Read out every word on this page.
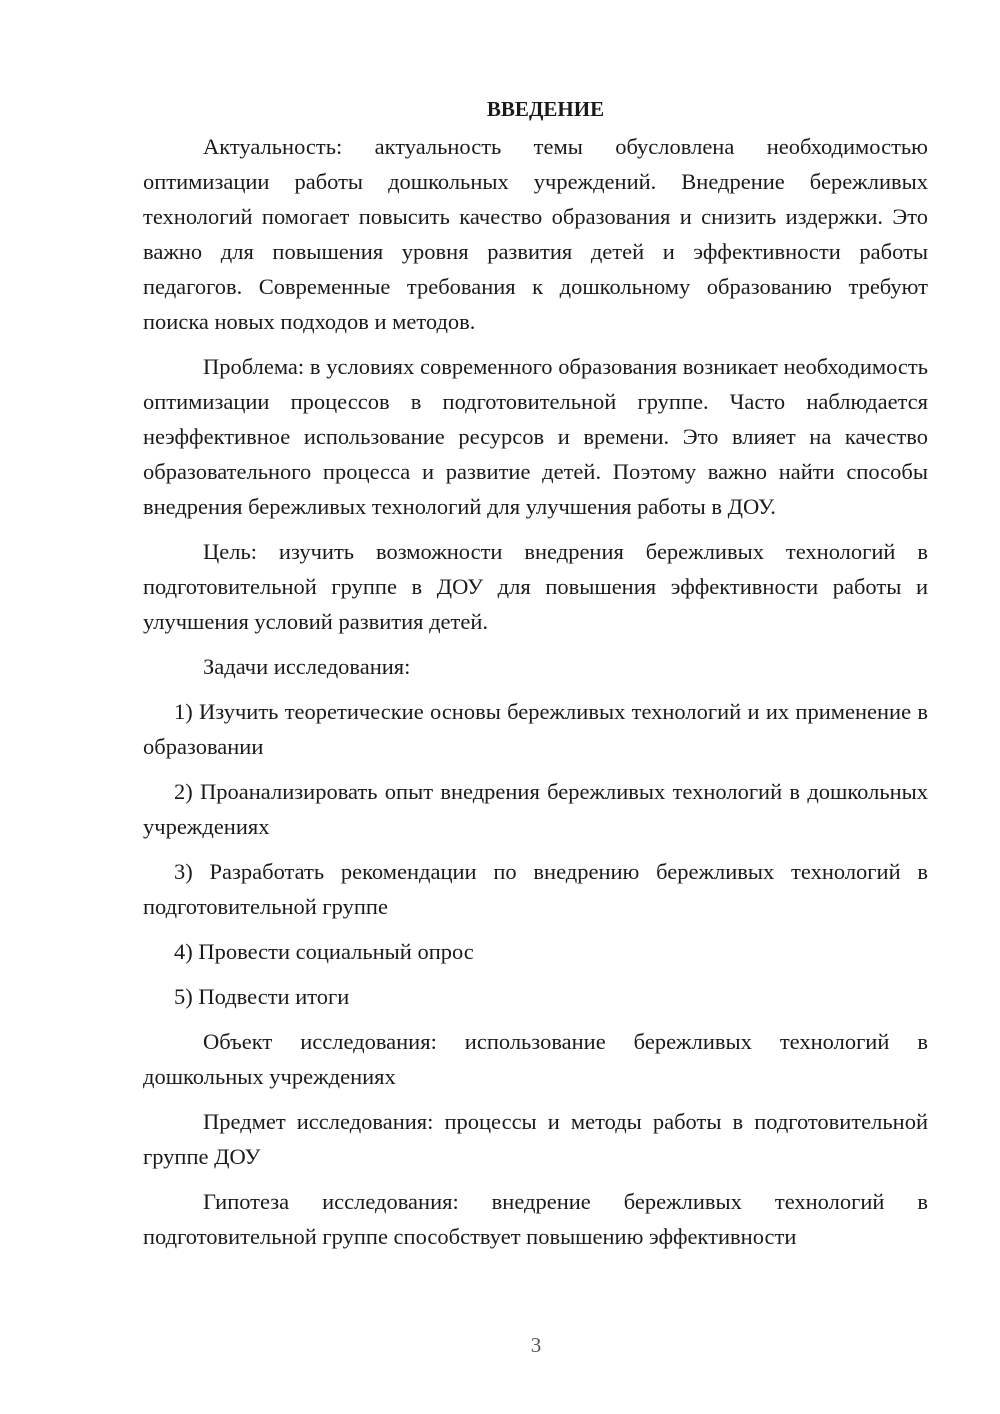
ВВЕДЕНИЕ

Актуальность: актуальность темы обусловлена необходимостью оптимизации работы дошкольных учреждений. Внедрение бережливых технологий помогает повысить качество образования и снизить издержки. Это важно для повышения уровня развития детей и эффективности работы педагогов. Современные требования к дошкольному образованию требуют поиска новых подходов и методов.

Проблема: в условиях современного образования возникает необходимость оптимизации процессов в подготовительной группе. Часто наблюдается неэффективное использование ресурсов и времени. Это влияет на качество образовательного процесса и развитие детей. Поэтому важно найти способы внедрения бережливых технологий для улучшения работы в ДОУ.

Цель: изучить возможности внедрения бережливых технологий в подготовительной группе в ДОУ для повышения эффективности работы и улучшения условий развития детей.

Задачи исследования:

1) Изучить теоретические основы бережливых технологий и их применение в образовании

2) Проанализировать опыт внедрения бережливых технологий в дошкольных учреждениях

3) Разработать рекомендации по внедрению бережливых технологий в подготовительной группе

4) Провести социальный опрос

5) Подвести итоги

Объект исследования: использование бережливых технологий в дошкольных учреждениях

Предмет исследования: процессы и методы работы в подготовительной группе ДОУ

Гипотеза исследования: внедрение бережливых технологий в подготовительной группе способствует повышению эффективности

3
